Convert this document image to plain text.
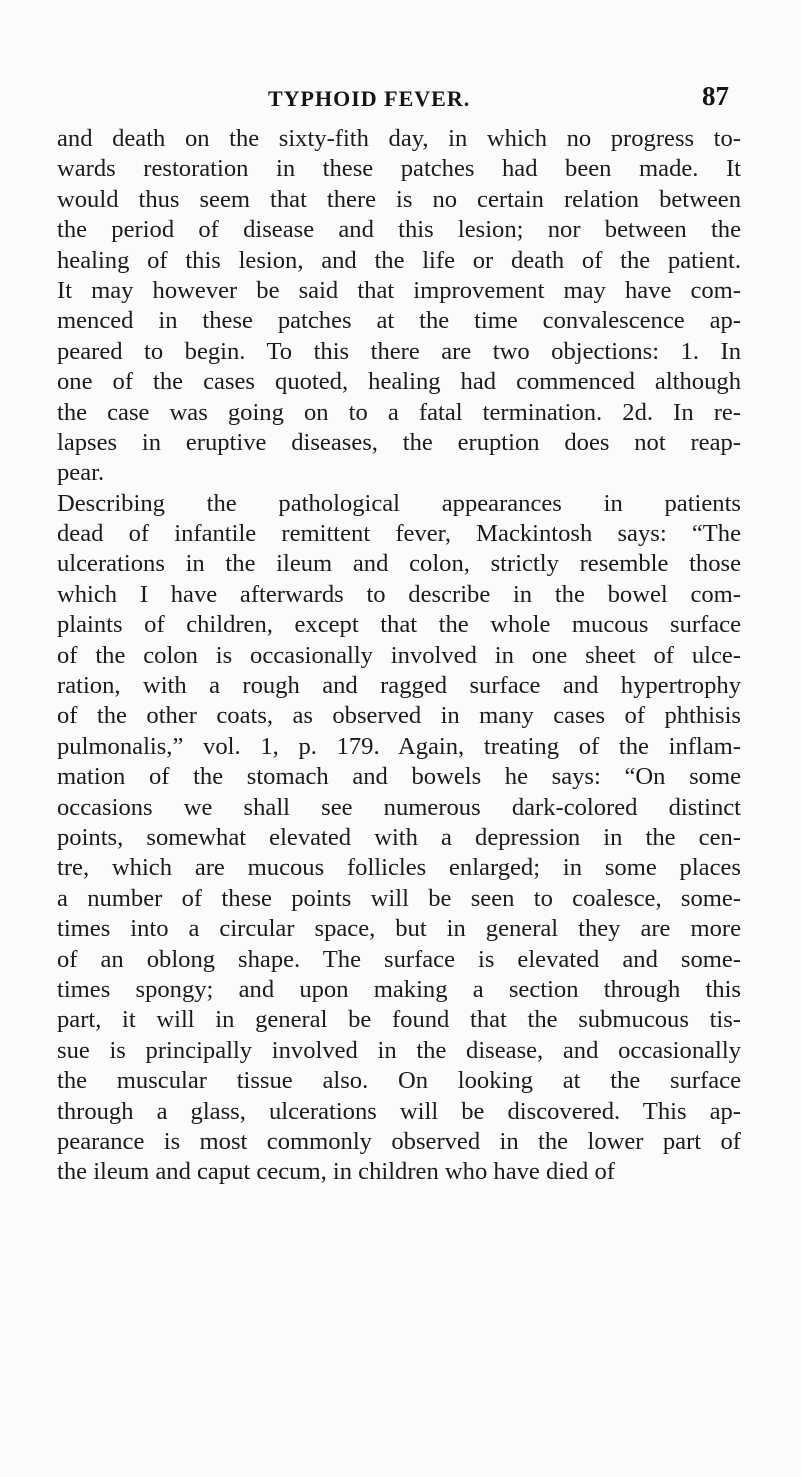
TYPHOID FEVER.	87
and death on the sixty-fith day, in which no progress to-
wards restoration in these patches had been made. It
would thus seem that there is no certain relation between
the period of disease and this lesion; nor between the
healing of this lesion, and the life or death of the patient.
It may however be said that improvement may have com-
menced in these patches at the time convalescence ap-
peared to begin. To this there are two objections: 1. In
one of the cases quoted, healing had commenced although
the case was going on to a fatal termination. 2d. In re-
lapses in eruptive diseases, the eruption does not reap-
pear.
Describing the pathological appearances in patients
dead of infantile remittent fever, Mackintosh says: “The
ulcerations in the ileum and colon, strictly resemble those
which I have afterwards to describe in the bowel com-
plaints of children, except that the whole mucous surface
of the colon is occasionally involved in one sheet of ulce-
ration, with a rough and ragged surface and hypertrophy
of the other coats, as observed in many cases of phthisis
pulmonalis,” vol. 1, p. 179. Again, treating of the inflam-
mation of the stomach and bowels he says: “On some
occasions we shall see numerous dark-colored distinct
points, somewhat elevated with a depression in the cen-
tre, which are mucous follicles enlarged; in some places
a number of these points will be seen to coalesce, some-
times into a circular space, but in general they are more
of an oblong shape. The surface is elevated and some-
times spongy; and upon making a section through this
part, it will in general be found that the submucous tis-
sue is principally involved in the disease, and occasionally
the muscular tissue also. On looking at the surface
through a glass, ulcerations will be discovered. This ap-
pearance is most commonly observed in the lower part of
the ileum and caput cecum, in children who have died of
